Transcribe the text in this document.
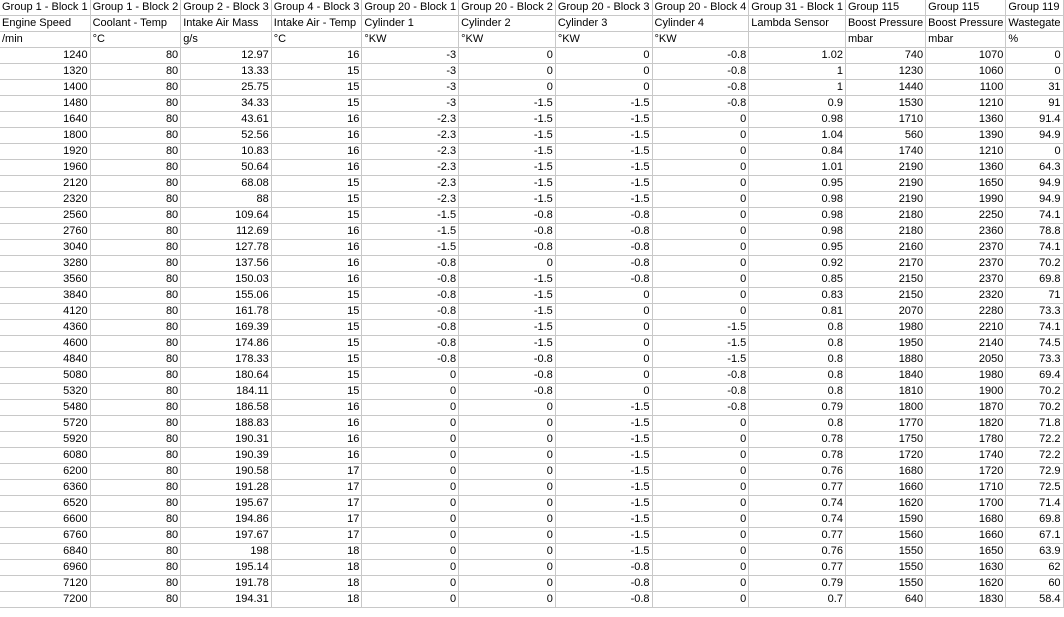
Group 1 - Block 1	Group 1 - Block 2	Group 2 - Block 3	Group 4 - Block 3	Group 20 - Block 1	Group 20 - Block 2	Group 20 - Block 3	Group 20 - Block 4	Group 31 - Block 1	Group 115	Group 115	Group 119
Engine Speed	Coolant - Temp	Intake Air Mass	Intake Air - Temp	Cylinder 1	Cylinder 2	Cylinder 3	Cylinder 4	Lambda Sensor	Boost Pressure	Boost Pressure	Wastegate
/min	°C	g/s	°C	°KW	°KW	°KW	°KW		mbar	mbar	%
1240	80	12.97	16	-3	0	0	-0.8	1.02	740	1070	0
1320	80	13.33	15	-3	0	0	-0.8	1	1230	1060	0
1400	80	25.75	15	-3	0	0	-0.8	1	1440	1100	31
1480	80	34.33	15	-3	-1.5	-1.5	-0.8	0.9	1530	1210	91
1640	80	43.61	16	-2.3	-1.5	-1.5	0	0.98	1710	1360	91.4
1800	80	52.56	16	-2.3	-1.5	-1.5	0	1.04	560	1390	94.9
1920	80	10.83	16	-2.3	-1.5	-1.5	0	0.84	1740	1210	0
1960	80	50.64	16	-2.3	-1.5	-1.5	0	1.01	2190	1360	64.3
2120	80	68.08	15	-2.3	-1.5	-1.5	0	0.95	2190	1650	94.9
2320	80	88	15	-2.3	-1.5	-1.5	0	0.98	2190	1990	94.9
2560	80	109.64	15	-1.5	-0.8	-0.8	0	0.98	2180	2250	74.1
2760	80	112.69	16	-1.5	-0.8	-0.8	0	0.98	2180	2360	78.8
3040	80	127.78	16	-1.5	-0.8	-0.8	0	0.95	2160	2370	74.1
3280	80	137.56	16	-0.8	0	-0.8	0	0.92	2170	2370	70.2
3560	80	150.03	16	-0.8	-1.5	-0.8	0	0.85	2150	2370	69.8
3840	80	155.06	15	-0.8	-1.5	0	0	0.83	2150	2320	71
4120	80	161.78	15	-0.8	-1.5	0	0	0.81	2070	2280	73.3
4360	80	169.39	15	-0.8	-1.5	0	-1.5	0.8	1980	2210	74.1
4600	80	174.86	15	-0.8	-1.5	0	-1.5	0.8	1950	2140	74.5
4840	80	178.33	15	-0.8	-0.8	0	-1.5	0.8	1880	2050	73.3
5080	80	180.64	15	0	-0.8	0	-0.8	0.8	1840	1980	69.4
5320	80	184.11	15	0	-0.8	0	-0.8	0.8	1810	1900	70.2
5480	80	186.58	16	0	0	-1.5	-0.8	0.79	1800	1870	70.2
5720	80	188.83	16	0	0	-1.5	0	0.8	1770	1820	71.8
5920	80	190.31	16	0	0	-1.5	0	0.78	1750	1780	72.2
6080	80	190.39	16	0	0	-1.5	0	0.78	1720	1740	72.2
6200	80	190.58	17	0	0	-1.5	0	0.76	1680	1720	72.9
6360	80	191.28	17	0	0	-1.5	0	0.77	1660	1710	72.5
6520	80	195.67	17	0	0	-1.5	0	0.74	1620	1700	71.4
6600	80	194.86	17	0	0	-1.5	0	0.74	1590	1680	69.8
6760	80	197.67	17	0	0	-1.5	0	0.77	1560	1660	67.1
6840	80	198	18	0	0	-1.5	0	0.76	1550	1650	63.9
6960	80	195.14	18	0	0	-0.8	0	0.77	1550	1630	62
7120	80	191.78	18	0	0	-0.8	0	0.79	1550	1620	60
7200	80	194.31	18	0	0	-0.8	0	0.7	640	1830	58.4
